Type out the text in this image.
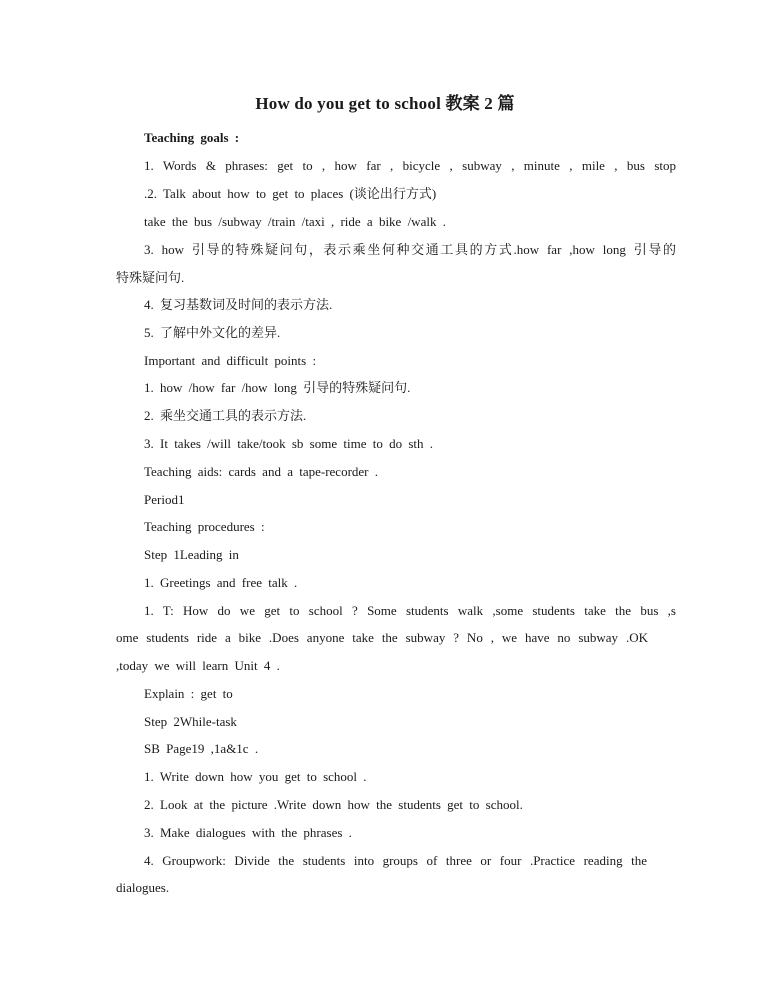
How do you get to school 教案 2 篇
Teaching goals :
1. Words & phrases: get to , how far , bicycle , subway , minute , mile , bus stop
.2. Talk about how to get to places (谈论出行方式)
take the bus /subway /train /taxi , ride a bike /walk .
3. how 引导的特殊疑问句，表示乘坐何种交通工具的方式.how far ,how long 引导的
特殊疑问句.
4. 复习基数词及时间的表示方法.
5. 了解中外文化的差异.
Important and difficult points :
1. how /how far /how long 引导的特殊疑问句.
2. 乘坐交通工具的表示方法.
3. It takes /will take/took sb some time to do sth .
Teaching aids: cards and a tape-recorder .
Period1
Teaching procedures :
Step 1Leading in
1. Greetings and free talk .
1. T: How do we get to school ? Some students walk ,some students take the bus ,s
ome students ride a bike .Does anyone take the subway ? No , we have no subway .OK
,today we will learn Unit 4 .
Explain : get to
Step 2While-task
SB Page19 ,1a&1c .
1. Write down how you get to school .
2. Look at the picture .Write down how the students get to school.
3. Make dialogues with the phrases .
4. Groupwork: Divide the students into groups of three or four .Practice reading the
dialogues.
